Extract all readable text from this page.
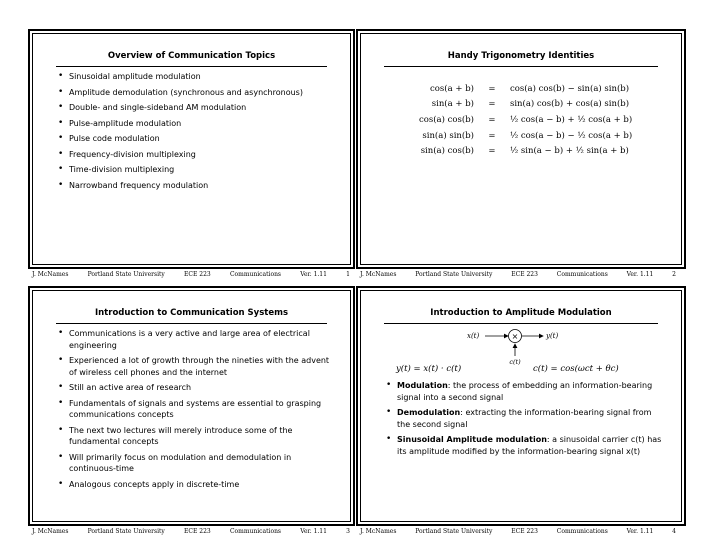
Overview of Communication Topics
• Sinusoidal amplitude modulation
• Amplitude demodulation (synchronous and asynchronous)
• Double- and single-sideband AM modulation
• Pulse-amplitude modulation
• Pulse code modulation
• Frequency-division multiplexing
• Time-division multiplexing
• Narrowband frequency modulation
Handy Trigonometry Identities
cos(a + b)	=	cos(a) cos(b) − sin(a) sin(b)
sin(a + b)	=	sin(a) cos(b) + cos(a) sin(b)
cos(a) cos(b)	=	½ cos(a − b) + ½ cos(a + b)
sin(a) sin(b)	=	½ cos(a − b) − ½ cos(a + b)
sin(a) cos(b)	=	½ sin(a − b) + ½ sin(a + b)
J. McNames	Portland State University	ECE 223	Communications	Ver. 1.11	1 J. McNames	Portland State University	ECE 223	Communications	Ver. 1.11	2
Introduction to Communication Systems
• Communications is a very active and large area of electrical engineering
• Experienced a lot of growth through the nineties with the advent of wireless cell phones and the internet
• Still an active area of research
• Fundamentals of signals and systems are essential to grasping communications concepts
• The next two lectures will merely introduce some of the fundamental concepts
• Will primarily focus on modulation and demodulation in continuous-time
• Analogous concepts apply in discrete-time
Introduction to Amplitude Modulation
x(t)	×	y(t)
c(t)
y(t) = x(t) · c(t)	c(t) = cos(ωct + θc)
• Modulation: the process of embedding an information-bearing signal into a second signal
• Demodulation: extracting the information-bearing signal from the second signal
• Sinusoidal Amplitude modulation: a sinusoidal carrier c(t) has its amplitude modified by the information-bearing signal x(t)
J. McNames	Portland State University	ECE 223	Communications	Ver. 1.11	3 J. McNames	Portland State University	ECE 223	Communications	Ver. 1.11	4
